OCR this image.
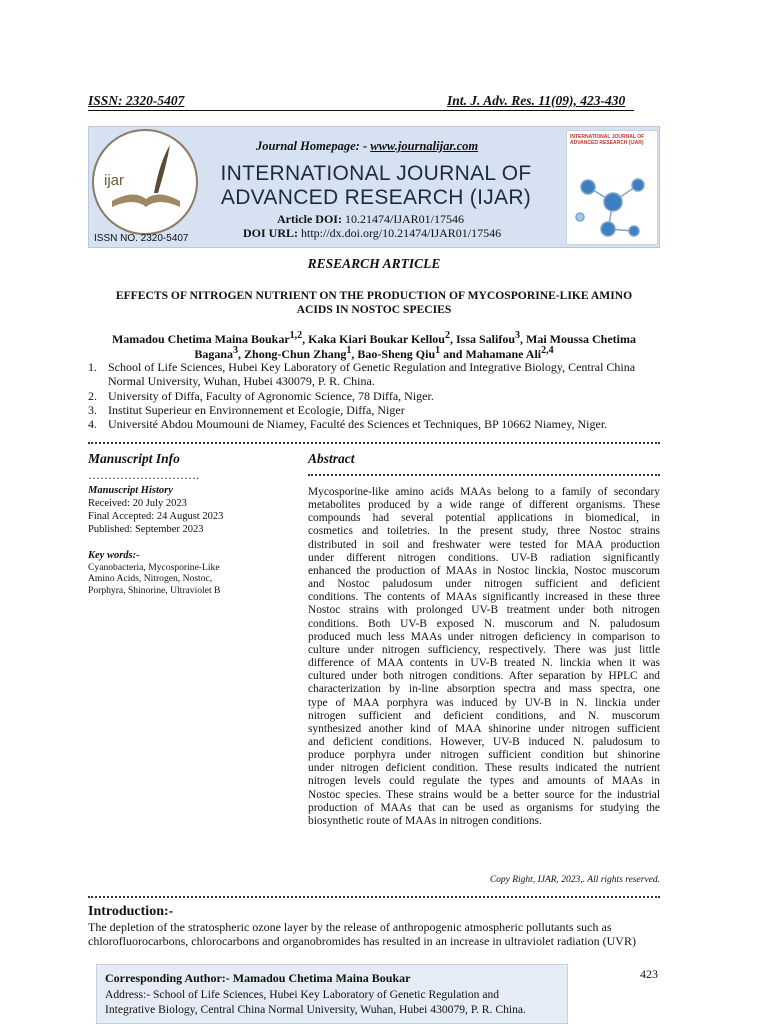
ISSN: 2320-5407	Int. J. Adv. Res. 11(09), 423-430
ijar
ISSN NO. 2320-5407
Journal Homepage: - www.journalijar.com
INTERNATIONAL JOURNAL OF
ADVANCED RESEARCH (IJAR)
Article DOI: 10.21474/IJAR01/17546
DOI URL: http://dx.doi.org/10.21474/IJAR01/17546
INTERNATIONAL JOURNAL OF ADVANCED RESEARCH (IJAR)
RESEARCH ARTICLE
EFFECTS OF NITROGEN NUTRIENT ON THE PRODUCTION OF MYCOSPORINE-LIKE AMINO
ACIDS IN NOSTOC SPECIES
Mamadou Chetima Maina Boukar$^{1,2}$, Kaka Kiari Boukar Kellou$^2$, Issa Salifou$^3$, Mai Moussa Chetima
Bagana$^3$, Zhong-Chun Zhang$^1$, Bao-Sheng Qiu$^1$ and Mahamane Ali$^{2,4}$
1. School of Life Sciences, Hubei Key Laboratory of Genetic Regulation and Integrative Biology, Central China
Normal University, Wuhan, Hubei 430079, P. R. China.
2. University of Diffa, Faculty of Agronomic Science, 78 Diffa, Niger.
3. Institut Superieur en Environnement et Ecologie, Diffa, Niger
4. Université Abdou Moumouni de Niamey, Faculté des Sciences et Techniques, BP 10662 Niamey, Niger.
Manuscript Info
……………………….
Manuscript History
Received: 20 July 2023
Final Accepted: 24 August 2023
Published: September 2023
Key words:-
Cyanobacteria, Mycosporine-Like
Amino Acids, Nitrogen, Nostoc,
Porphyra, Shinorine, Ultraviolet B
Abstract
Mycosporine-like amino acids MAAs belong to a family of secondary
metabolites produced by a wide range of different organisms. These
compounds had several potential applications in biomedical, in
cosmetics and toiletries. In the present study, three Nostoc strains
distributed in soil and freshwater were tested for MAA production
under different nitrogen conditions. UV-B radiation significantly
enhanced the production of MAAs in Nostoc linckia, Nostoc muscorum
and Nostoc paludosum under nitrogen sufficient and deficient
conditions. The contents of MAAs significantly increased in these three
Nostoc strains with prolonged UV-B treatment under both nitrogen
conditions. Both UV-B exposed N. muscorum and N. paludosum
produced much less MAAs under nitrogen deficiency in comparison to
culture under nitrogen sufficiency, respectively. There was just little
difference of MAA contents in UV-B treated N. linckia when it was
cultured under both nitrogen conditions. After separation by HPLC and
characterization by in-line absorption spectra and mass spectra, one
type of MAA porphyra was induced by UV-B in N. linckia under
nitrogen sufficient and deficient conditions, and N. muscorum
synthesized another kind of MAA shinorine under nitrogen sufficient
and deficient conditions. However, UV-B induced N. paludosum to
produce porphyra under nitrogen sufficient condition but shinorine
under nitrogen deficient condition. These results indicated the nutrient
nitrogen levels could regulate the types and amounts of MAAs in
Nostoc species. These strains would be a better source for the industrial
production of MAAs that can be used as organisms for studying the
biosynthetic route of MAAs in nitrogen conditions.
Copy Right, IJAR, 2023,. All rights reserved.
Introduction:-
The depletion of the stratospheric ozone layer by the release of anthropogenic atmospheric pollutants such as
chlorofluorocarbons, chlorocarbons and organobromides has resulted in an increase in ultraviolet radiation (UVR)
Corresponding Author:- Mamadou Chetima Maina Boukar
Address:- School of Life Sciences, Hubei Key Laboratory of Genetic Regulation and
Integrative Biology, Central China Normal University, Wuhan, Hubei 430079, P. R. China.
423
